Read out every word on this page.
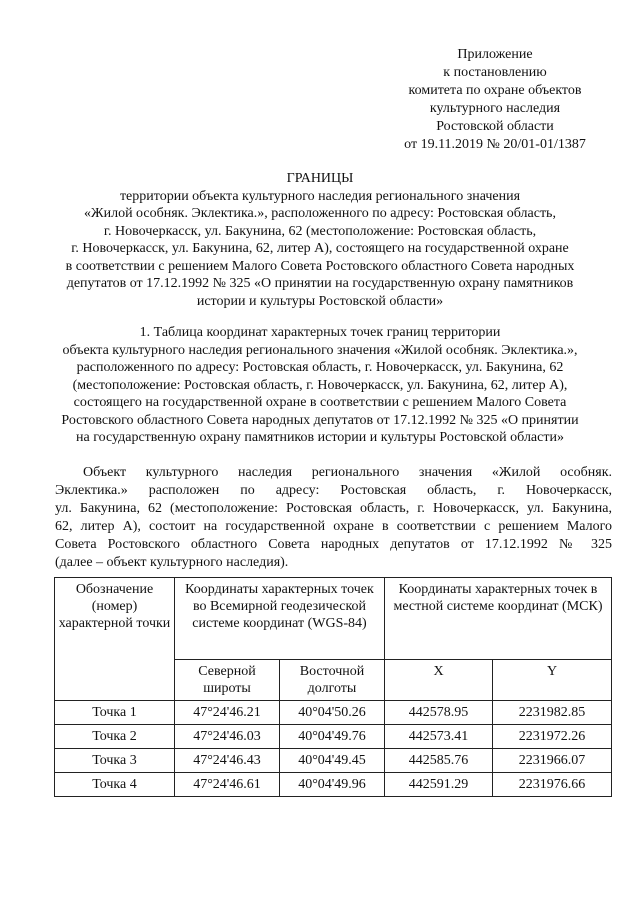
Приложение
к постановлению
комитета по охране объектов
культурного наследия
Ростовской области
от 19.11.2019 № 20/01-01/1387
ГРАНИЦЫ
территории объекта культурного наследия регионального значения
«Жилой особняк. Эклектика.», расположенного по адресу: Ростовская область,
г. Новочеркасск, ул. Бакунина, 62 (местоположение: Ростовская область,
г. Новочеркасск, ул. Бакунина, 62, литер А), состоящего на государственной охране
в соответствии с решением Малого Совета Ростовского областного Совета народных
депутатов от 17.12.1992 № 325 «О принятии на государственную охрану памятников
истории и культуры Ростовской области»
1. Таблица координат характерных точек границ территории
объекта культурного наследия регионального значения «Жилой особняк. Эклектика.»,
расположенного по адресу: Ростовская область, г. Новочеркасск, ул. Бакунина, 62
(местоположение: Ростовская область, г. Новочеркасск, ул. Бакунина, 62, литер А),
состоящего на государственной охране в соответствии с решением Малого Совета
Ростовского областного Совета народных депутатов от 17.12.1992 № 325 «О принятии
на государственную охрану памятников истории и культуры Ростовской области»
Объект культурного наследия регионального значения «Жилой особняк.
Эклектика.» расположен по адресу: Ростовская область, г. Новочеркасск,
ул. Бакунина, 62 (местоположение: Ростовская область, г. Новочеркасск, ул. Бакунина,
62, литер А), состоит на государственной охране в соответствии с решением Малого
Совета Ростовского областного Совета народных депутатов от 17.12.1992 № 325
(далее – объект культурного наследия).
Обозначение (номер) характерной точки	Координаты характерных точек во Всемирной геодезической системе координат (WGS-84)		Координаты характерных точек в местной системе координат (МСК)	
	Северной широты	Восточной долготы	X	Y
Точка 1	47°24'46.21	40°04'50.26	442578.95	2231982.85
Точка 2	47°24'46.03	40°04'49.76	442573.41	2231972.26
Точка 3	47°24'46.43	40°04'49.45	442585.76	2231966.07
Точка 4	47°24'46.61	40°04'49.96	442591.29	2231976.66
